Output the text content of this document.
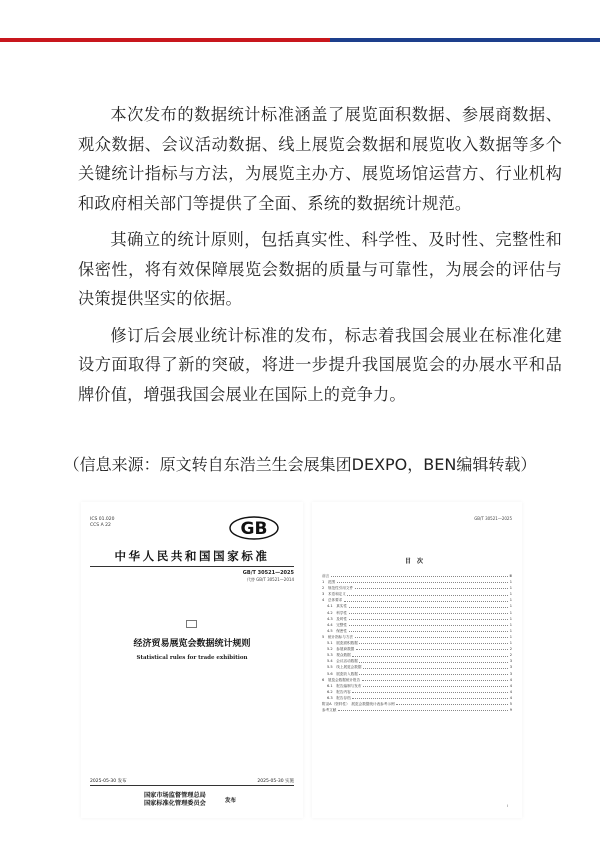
本次发布的数据统计标准涵盖了展览面积数据、参展商数据、观众数据、会议活动数据、线上展览会数据和展览收入数据等多个关键统计指标与方法，为展览主办方、展览场馆运营方、行业机构和政府相关部门等提供了全面、系统的数据统计规范。

其确立的统计原则，包括真实性、科学性、及时性、完整性和保密性，将有效保障展览会数据的质量与可靠性，为展会的评估与决策提供坚实的依据。

修订后会展业统计标准的发布，标志着我国会展业在标准化建设方面取得了新的突破，将进一步提升我国展览会的办展水平和品牌价值，增强我国会展业在国际上的竞争力。

（信息来源：原文转自东浩兰生会展集团DEXPO，BEN编辑转载）
ICS 01.020
CCS A 22	GB
中华人民共和国国家标准
GB/T 30521—2025
代替 GB/T 30521—2014
经济贸易展览会数据统计规则
Statistical rules for trade exhibition
2025-05-30 发布	2025-05-30 实施
国家市场监督管理总局
国家标准化管理委员会	发布
GB/T 30521—2025
目次
前言	Ⅲ
1　范围	1
2　规范性引用文件	1
3　术语和定义	1
4　总体要求	1
4.1　真实性	1
4.2　科学性	1
4.3　及时性	1
4.4　完整性	1
4.5　保密性	1
5　统计指标与方法	1
5.1　展览面积数据	1
5.2　参展商数据	2
5.3　观众数据	2
5.4　会议活动数据	3
5.5　线上展览会数据	3
5.6　展览收入数据	3
6　展览会数据统计报告	4
6.1　报告编制与发布	4
6.2　报告内容	4
6.3　报告存档	4
附录A（资料性）　展览会数据统计表参考示例	5
参考文献	9
Ⅰ
